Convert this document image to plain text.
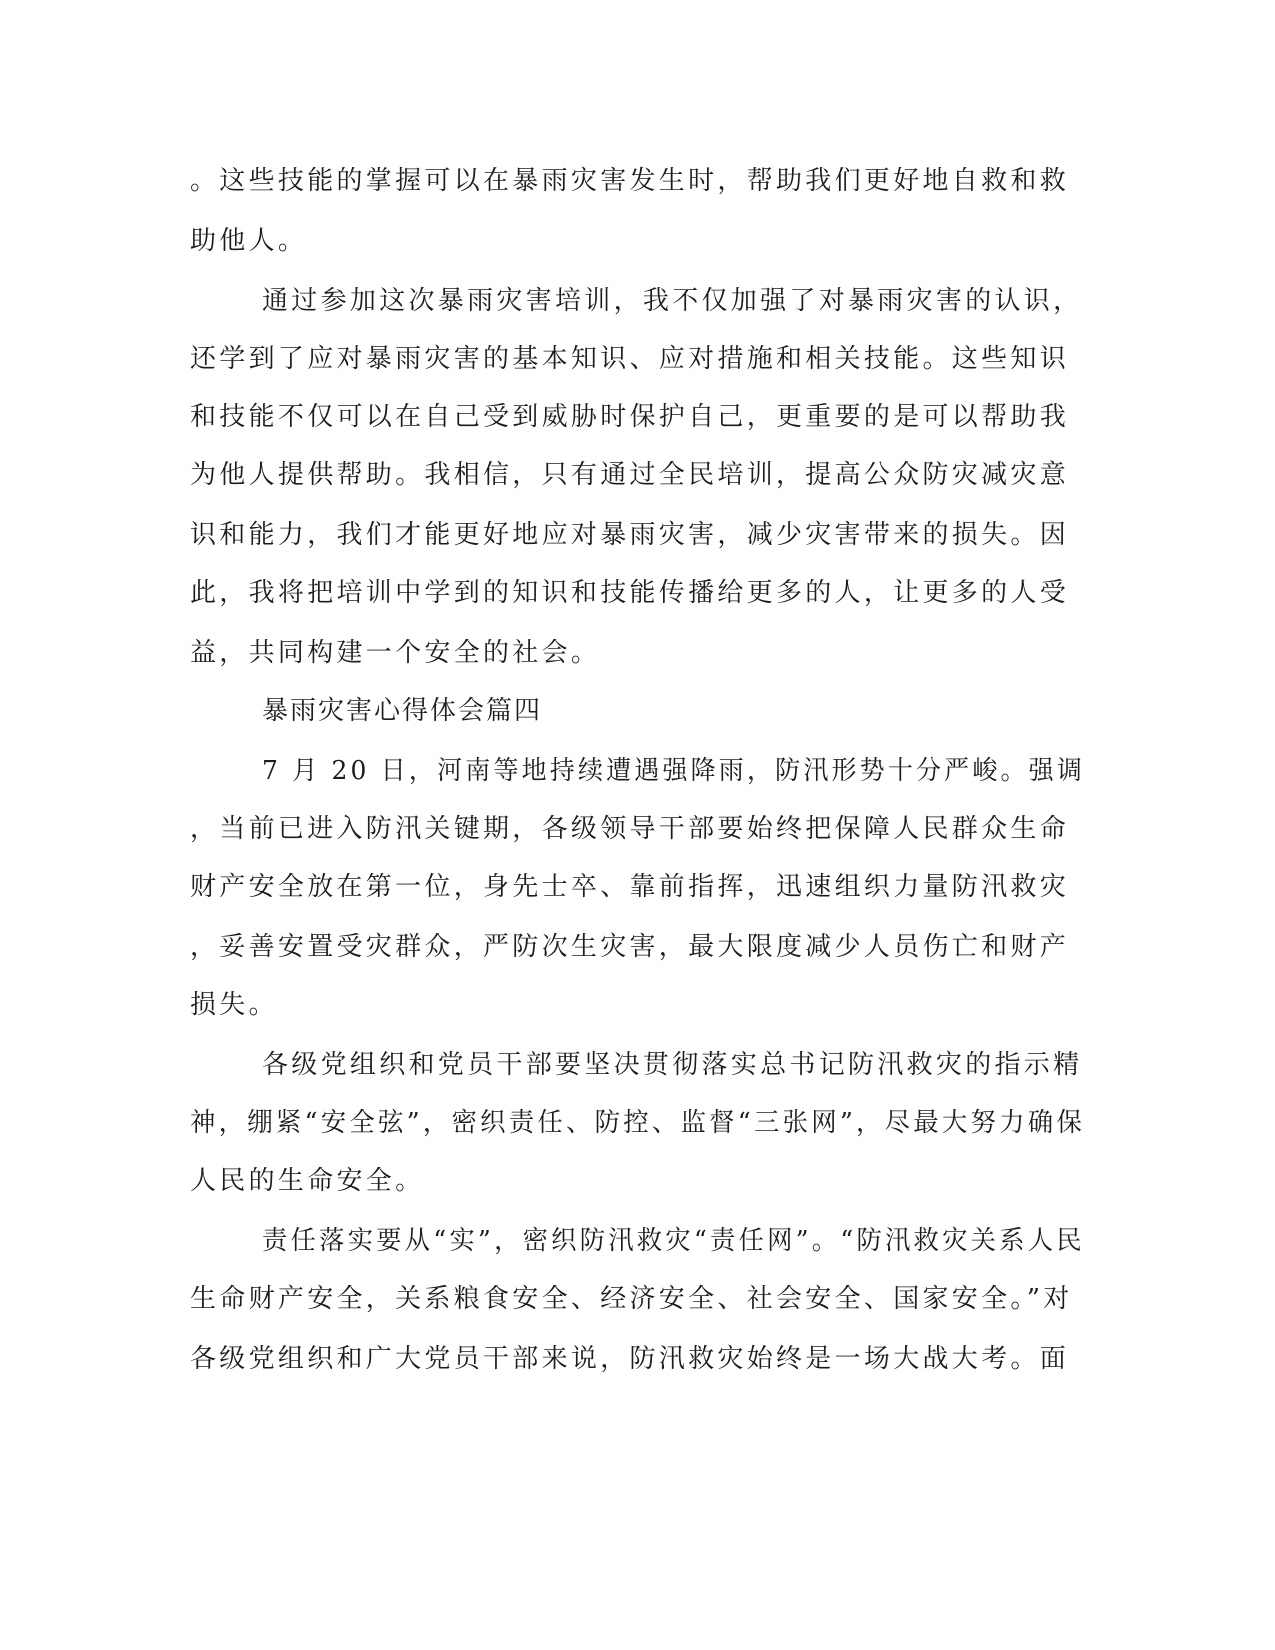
。这些技能的掌握可以在暴雨灾害发生时，帮助我们更好地自救和救
助他人。
通过参加这次暴雨灾害培训，我不仅加强了对暴雨灾害的认识，
还学到了应对暴雨灾害的基本知识、应对措施和相关技能。这些知识
和技能不仅可以在自己受到威胁时保护自己，更重要的是可以帮助我
为他人提供帮助。我相信，只有通过全民培训，提高公众防灾减灾意
识和能力，我们才能更好地应对暴雨灾害，减少灾害带来的损失。因
此，我将把培训中学到的知识和技能传播给更多的人，让更多的人受
益，共同构建一个安全的社会。
暴雨灾害心得体会篇四
7 月 20 日，河南等地持续遭遇强降雨，防汛形势十分严峻。强调
，当前已进入防汛关键期，各级领导干部要始终把保障人民群众生命
财产安全放在第一位，身先士卒、靠前指挥，迅速组织力量防汛救灾
，妥善安置受灾群众，严防次生灾害，最大限度减少人员伤亡和财产
损失。
各级党组织和党员干部要坚决贯彻落实总书记防汛救灾的指示精
神，绷紧“安全弦”，密织责任、防控、监督“三张网”，尽最大努力确保
人民的生命安全。
责任落实要从“实”，密织防汛救灾“责任网”。“防汛救灾关系人民
生命财产安全，关系粮食安全、经济安全、社会安全、国家安全。”对
各级党组织和广大党员干部来说，防汛救灾始终是一场大战大考。面
